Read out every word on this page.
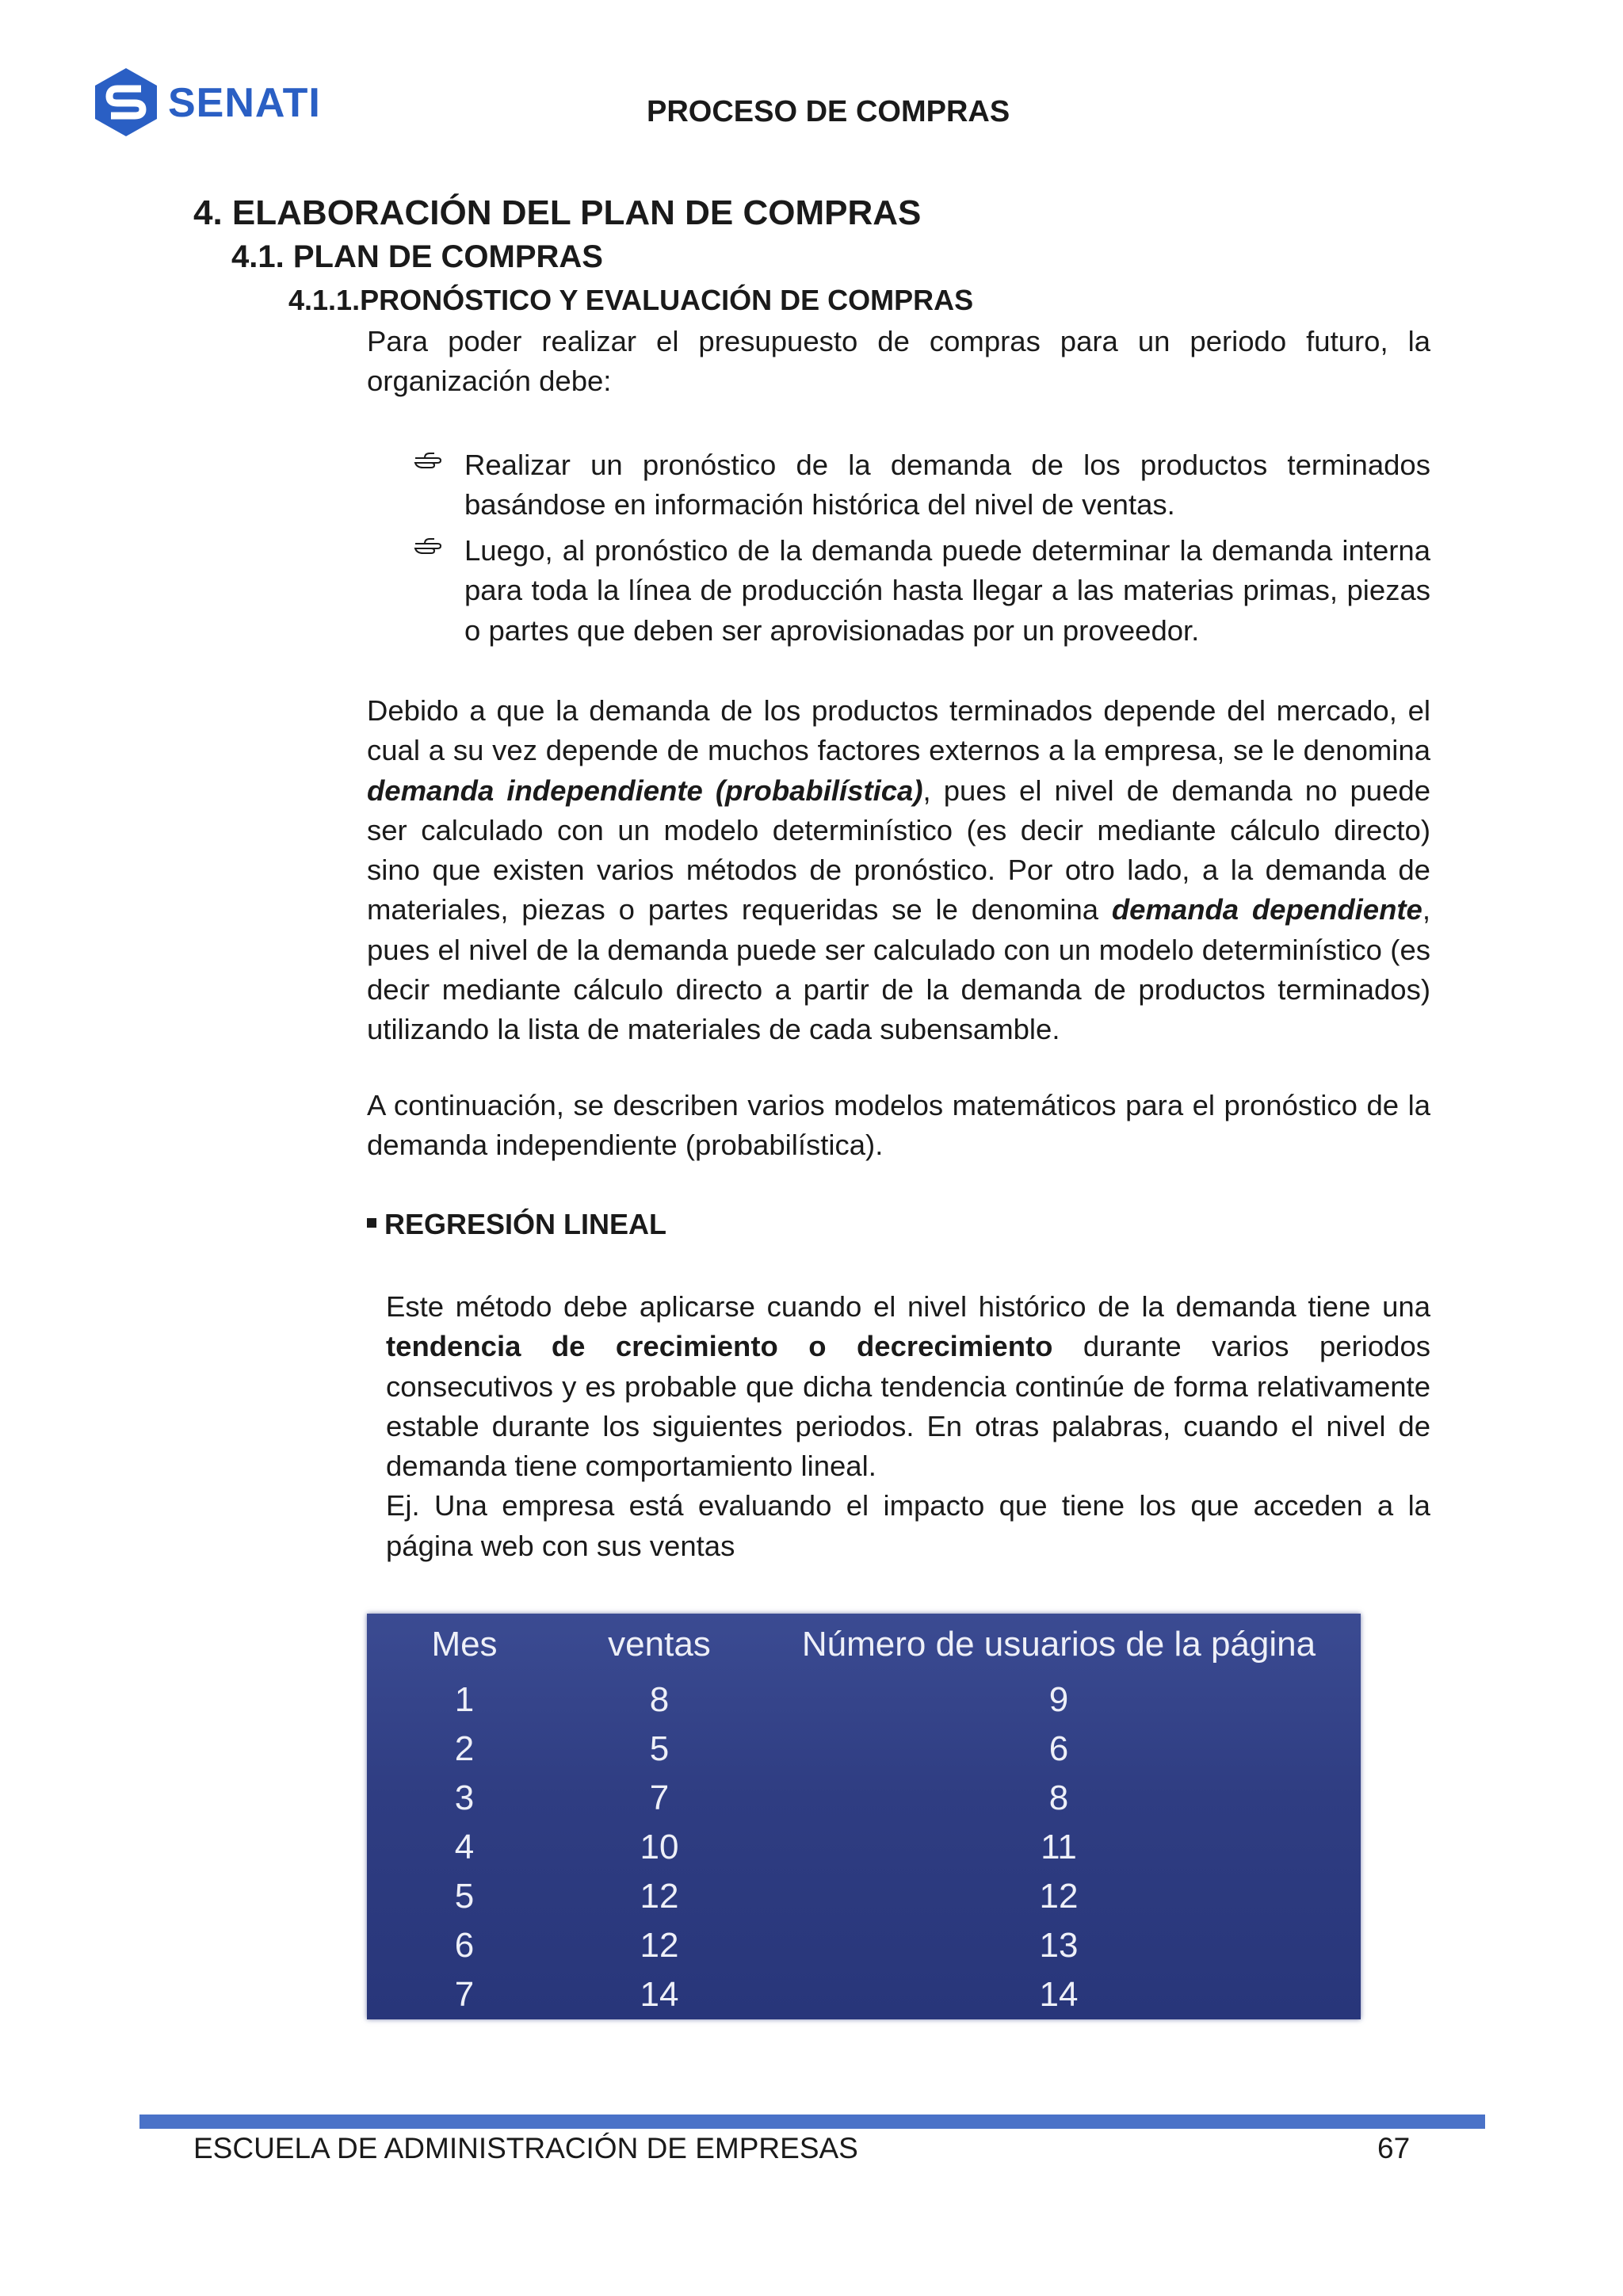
SENATI	PROCESO DE COMPRAS
4. ELABORACIÓN DEL PLAN DE COMPRAS
4.1. PLAN DE COMPRAS
4.1.1.PRONÓSTICO Y EVALUACIÓN DE COMPRAS

Para poder realizar el presupuesto de compras para un periodo futuro, la organización debe:

Realizar un pronóstico de la demanda de los productos terminados basándose en información histórica del nivel de ventas.

Luego, al pronóstico de la demanda puede determinar la demanda interna para toda la línea de producción hasta llegar a las materias primas, piezas o partes que deben ser aprovisionadas por un proveedor.

Debido a que la demanda de los productos terminados depende del mercado, el cual a su vez depende de muchos factores externos a la empresa, se le denomina demanda independiente (probabilística), pues el nivel de demanda no puede ser calculado con un modelo determinístico (es decir mediante cálculo directo) sino que existen varios métodos de pronóstico. Por otro lado, a la demanda de materiales, piezas o partes requeridas se le denomina demanda dependiente, pues el nivel de la demanda puede ser calculado con un modelo determinístico (es decir mediante cálculo directo a partir de la demanda de productos terminados) utilizando la lista de materiales de cada subensamble.

A continuación, se describen varios modelos matemáticos para el pronóstico de la demanda independiente (probabilística).

REGRESIÓN LINEAL

Este método debe aplicarse cuando el nivel histórico de la demanda tiene una tendencia de crecimiento o decrecimiento durante varios periodos consecutivos y es probable que dicha tendencia continúe de forma relativamente estable durante los siguientes periodos. En otras palabras, cuando el nivel de demanda tiene comportamiento lineal.
Ej. Una empresa está evaluando el impacto que tiene los que acceden a la página web con sus ventas

Mes	ventas	Número de usuarios de la página
1	8	9
2	5	6
3	7	8
4	10	11
5	12	12
6	12	13
7	14	14
ESCUELA DE ADMINISTRACIÓN DE EMPRESAS	67
